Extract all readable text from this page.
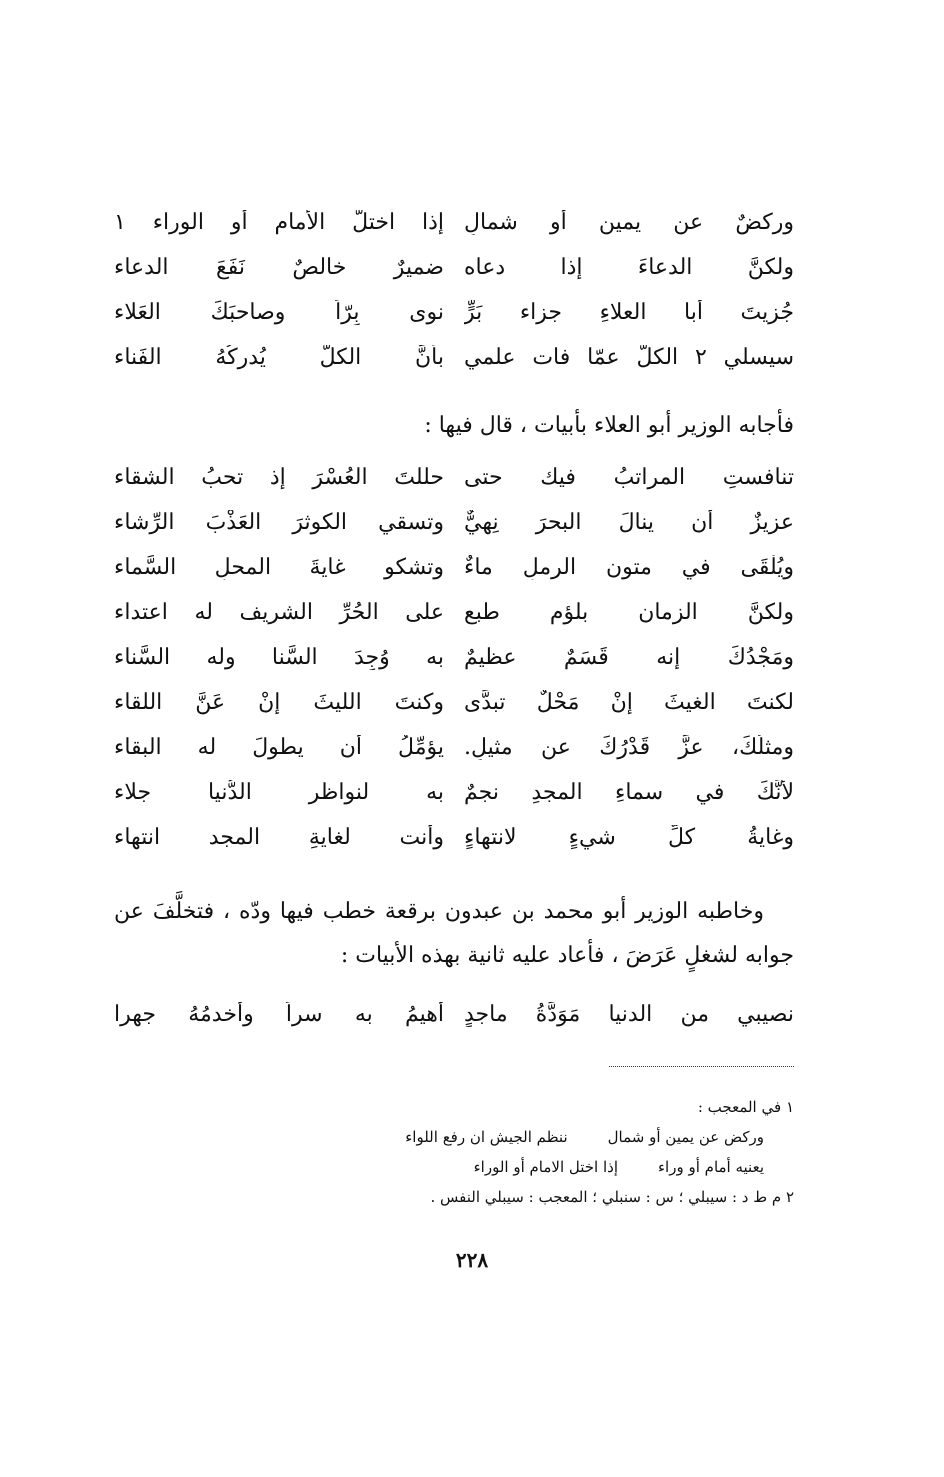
وركضٌ عن يمينٍ أو شمالٍ
إذا اختلَّ الأمام أو الوراء ١
ولكنَّ الدعاءَ إذا دعاه
ضميرٌ خالصٌ نَفَعَ الدعاء
جُزيتَ أبا العلاءِ جزاء بَرٍّ
نوى بِرّاً وصاحبَكَ العَلاء
سيسلي ٢ الكلَّ عمّا فات علمي
بأنَّ الكلَّ يُدرِكُهُ الفَناء
فأجابه الوزير أبو العلاء بأبيات ، قال فيها :
تنافستِ المراتبُ فيك حتى
حللتَ العُسْرَ إذ تحبُ الشقاء
عزيزٌ أن ينالَ البحرَ نِهيٌّ
وتسقي الكوثرَ العَذْبَ الرِّشاء
ويُلْقَى في متون الرملِ ماءٌ
وتشكو غايةَ المحلِ السَّماء
ولكنَّ الزمان بلؤمِ طبعٍ
على الحُرِّ الشريف له اعتداء
ومَجْدُكَ إنه قَسَمٌ عظيمٌ
به وُجِدَ السَّنا وله السَّناء
لكنتَ الغيثَ إنْ مَحْلٌ تبدَّى
وكنتَ الليثَ إنْ عَنَّ اللقاء
ومثلُكَ، عزَّ قَدْرُكَ عن مثيلٍ.
يؤمِّلُ أن يطولَ له البقاء
لأنَّكَ في سماءِ المجدِ نجمٌ
به لنواظرِ الدُّنيا جلاء
وغايةُ كلِّ شيءٍ لانتهاءٍ
وأنت لغايةِ المجد انتهاء
وخاطبه الوزير أبو محمد بن عبدون برقعة خطب فيها ودّه ، فتخلَّفَ عن جوابه لشغلٍ عَرَضَ ، فأعاد عليه ثانية بهذه الأبيات :
نصيبي من الدنيا مَوَدَّةُ ماجدٍ
أهيمُ به سراً وأخدمُهُ جهرا
١ في المعجب :
وركض عن يمين أو شمال
ننظم الجيش ان رفع اللواء
يعنيه أمام أو وراء
إذا اختل الامام أو الوراء
٢ م ط د : سيبلي ؛ س : سنبلي ؛ المعجب : سيبلي النفس .
٢٢٨
